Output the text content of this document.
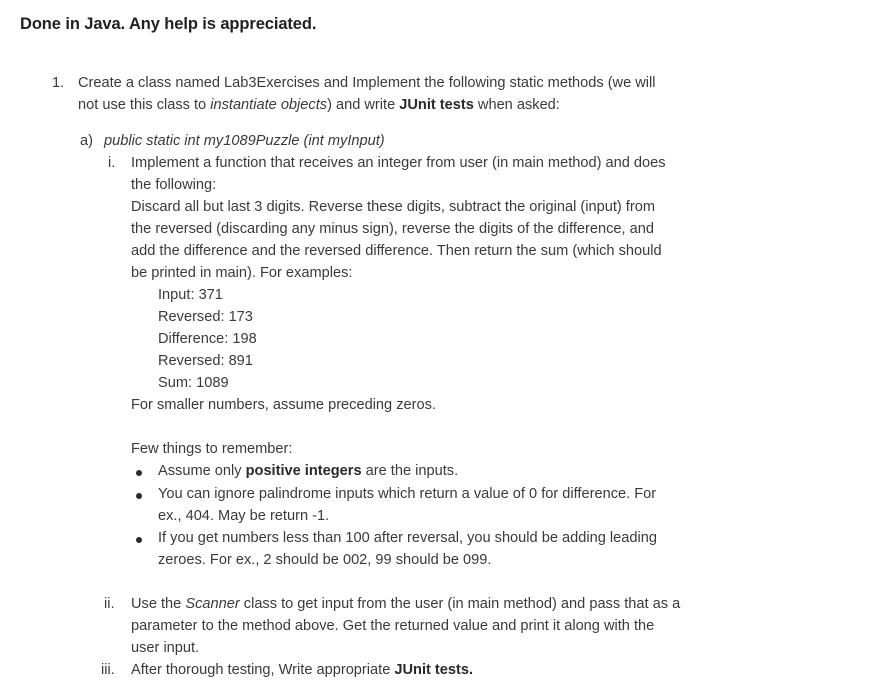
Done in Java. Any help is appreciated.
1. Create a class named Lab3Exercises and Implement the following static methods (we will
not use this class to instantiate objects) and write JUnit tests when asked:
a) public static int my1089Puzzle (int myInput)
i. Implement a function that receives an integer from user (in main method) and does
the following:
Discard all but last 3 digits. Reverse these digits, subtract the original (input) from
the reversed (discarding any minus sign), reverse the digits of the difference, and
add the difference and the reversed difference. Then return the sum (which should
be printed in main). For examples:
Input: 371
Reversed: 173
Difference: 198
Reversed: 891
Sum: 1089
For smaller numbers, assume preceding zeros.
Few things to remember:
Assume only positive integers are the inputs.
You can ignore palindrome inputs which return a value of 0 for difference. For
ex., 404. May be return -1.
If you get numbers less than 100 after reversal, you should be adding leading
zeroes. For ex., 2 should be 002, 99 should be 099.
ii. Use the Scanner class to get input from the user (in main method) and pass that as a
parameter to the method above. Get the returned value and print it along with the
user input.
iii. After thorough testing, Write appropriate JUnit tests.
